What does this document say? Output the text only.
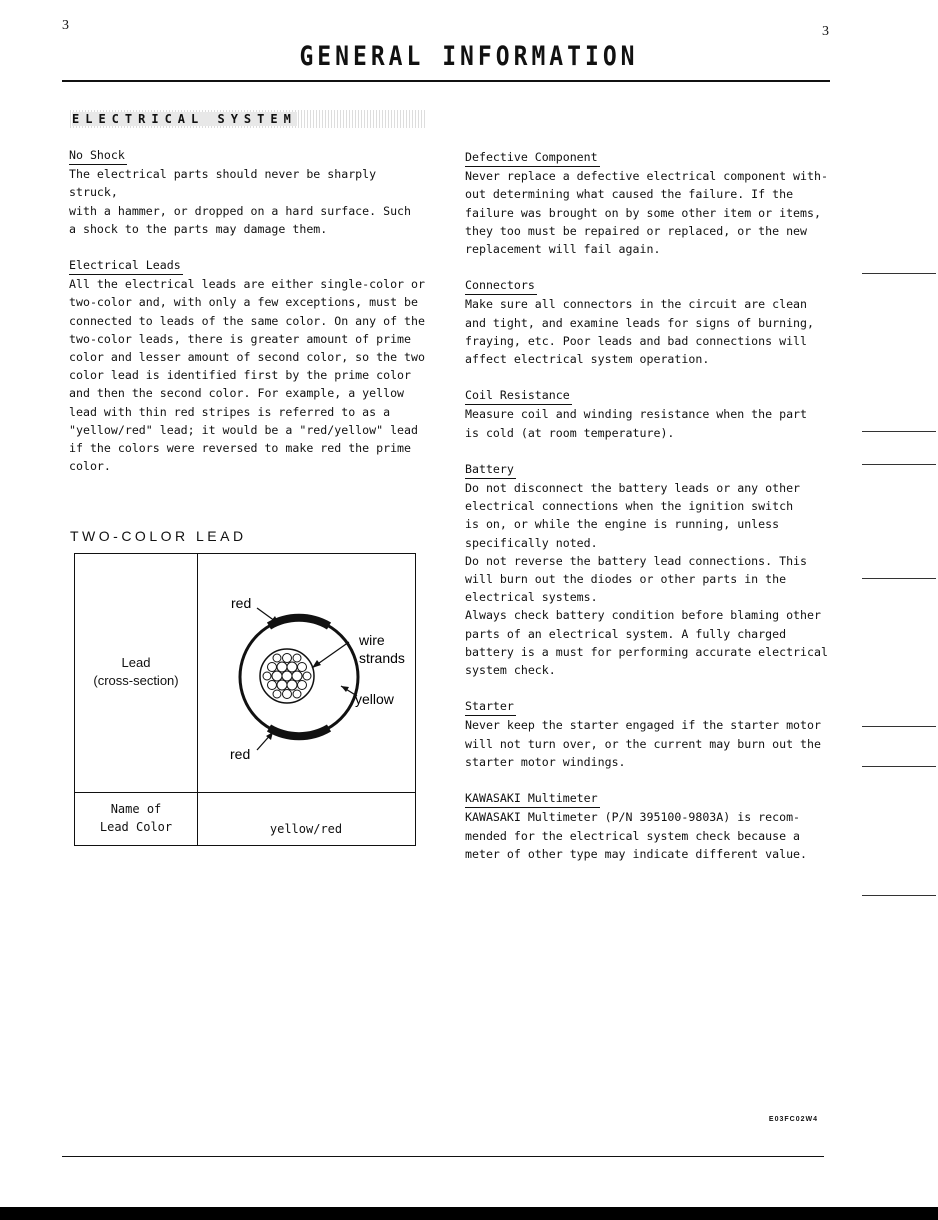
3	3
GENERAL INFORMATION
ELECTRICAL SYSTEM
No Shock

The electrical parts should never be sharply struck,
with a hammer, or dropped on a hard surface. Such
a shock to the parts may damage them.

Electrical Leads

All the electrical leads are either single-color or
two-color and, with only a few exceptions, must be
connected to leads of the same color. On any of the
two-color leads, there is greater amount of prime
color and lesser amount of second color, so the two
color lead is identified first by the prime color
and then the second color. For example, a yellow
lead with thin red stripes is referred to as a
"yellow/red" lead; it would be a "red/yellow" lead
if the colors were reversed to make red the prime
color.

TWO-COLOR LEAD
Lead
(cross-section)
Name of
Lead Color	yellow/red
red
wire
strands
yellow
red
Defective Component

Never replace a defective electrical component with-
out determining what caused the failure. If the
failure was brought on by some other item or items,
they too must be repaired or replaced, or the new
replacement will fail again.

Connectors

Make sure all connectors in the circuit are clean
and tight, and examine leads for signs of burning,
fraying, etc. Poor leads and bad connections will
affect electrical system operation.

Coil Resistance

Measure coil and winding resistance when the part
is cold (at room temperature).

Battery

Do not disconnect the battery leads or any other
electrical connections when the ignition switch
is on, or while the engine is running, unless
specifically noted.
Do not reverse the battery lead connections. This
will burn out the diodes or other parts in the
electrical systems.
Always check battery condition before blaming other
parts of an electrical system. A fully charged
battery is a must for performing accurate electrical
system check.

Starter

Never keep the starter engaged if the starter motor
will not turn over, or the current may burn out the
starter motor windings.

KAWASAKI Multimeter

KAWASAKI Multimeter (P/N 395100-9803A) is recom-
mended for the electrical system check because a
meter of other type may indicate different value.

E03FC02W4
